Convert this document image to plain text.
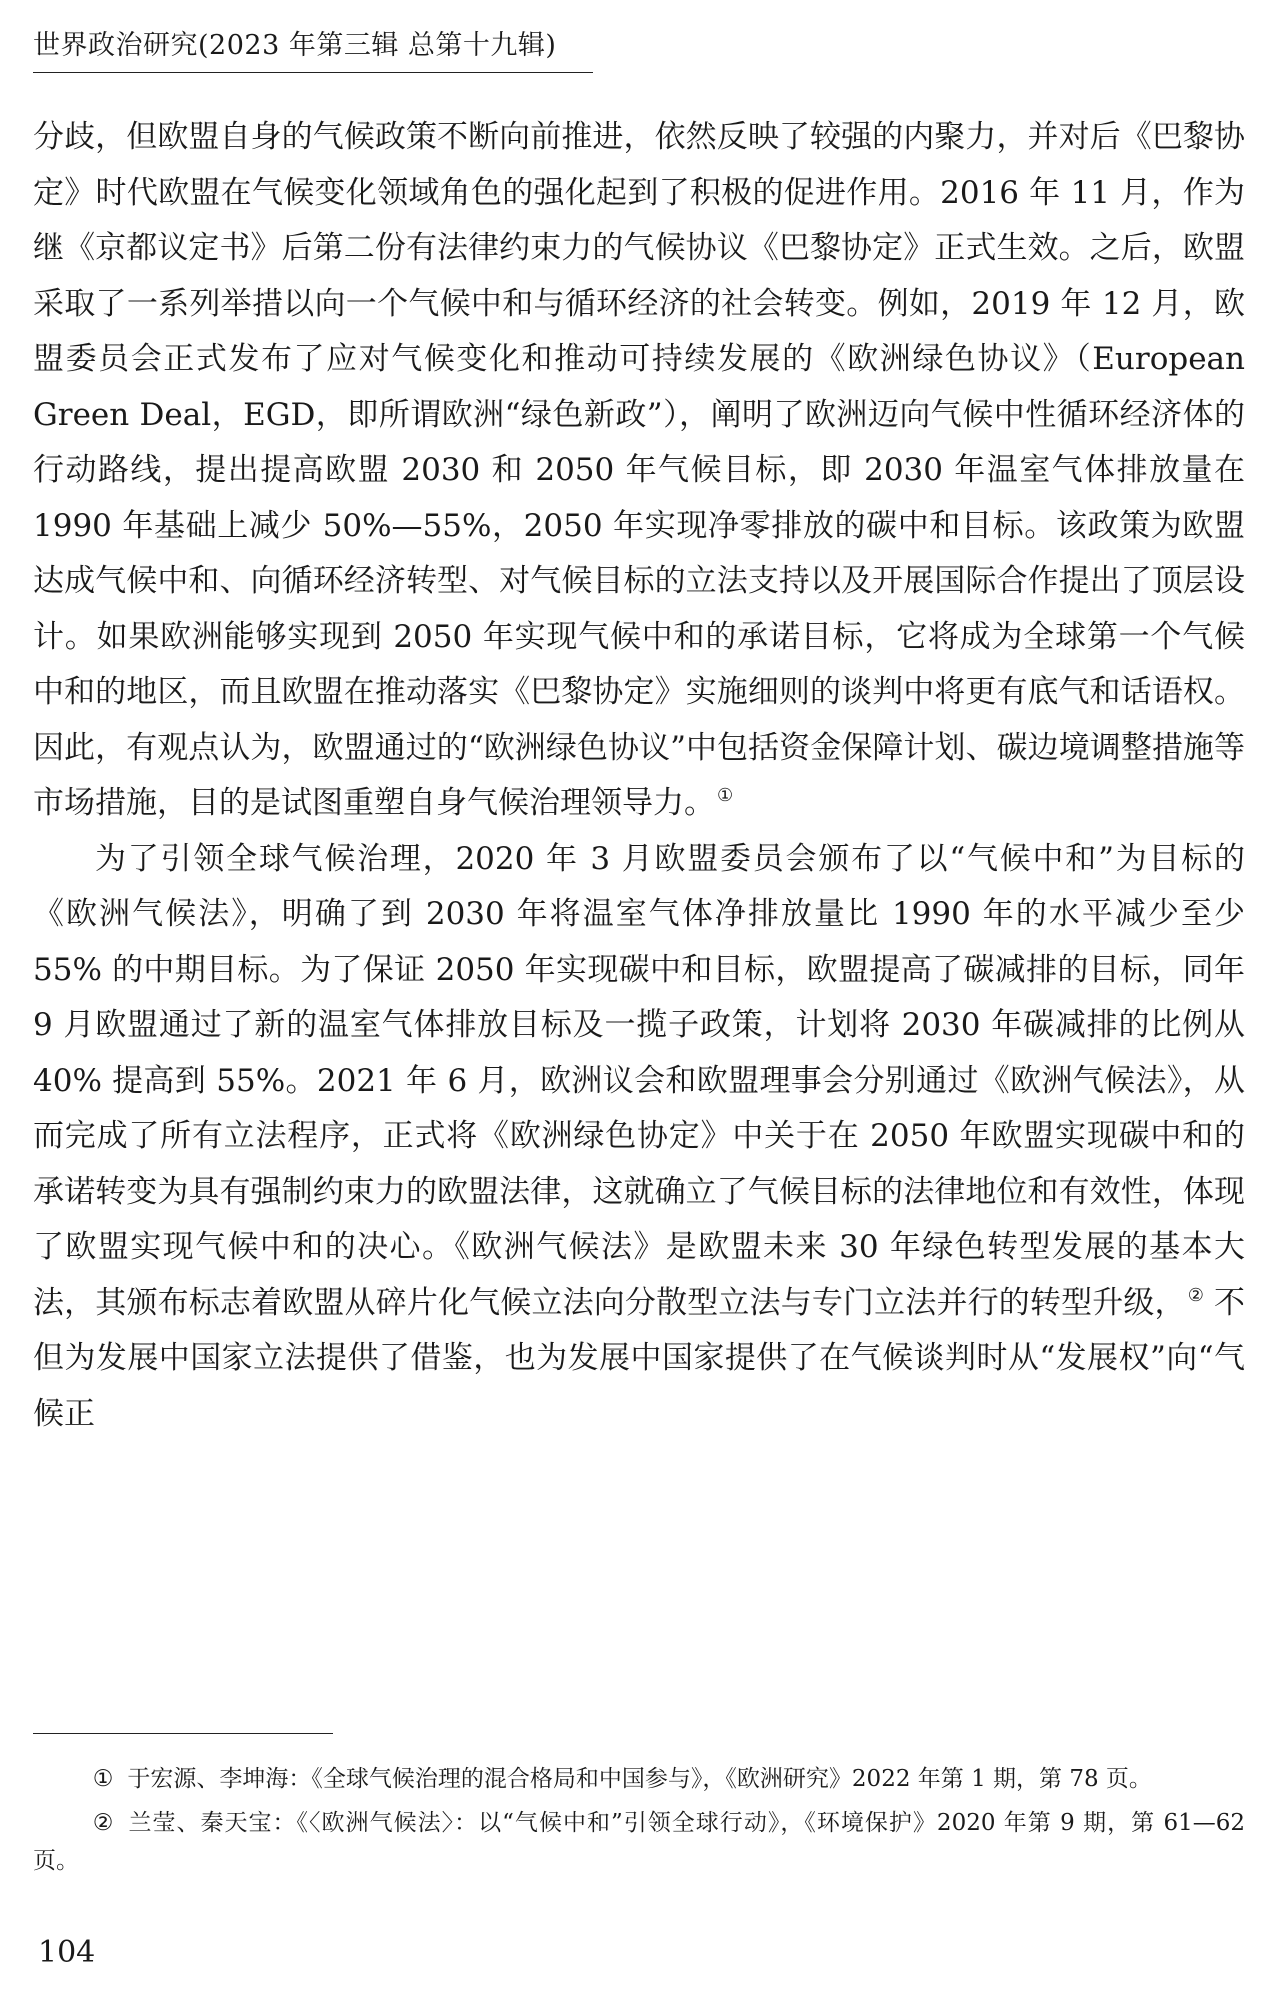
世界政治研究(2023 年第三辑 总第十九辑)

分歧，但欧盟自身的气候政策不断向前推进，依然反映了较强的内聚力，并对后《巴黎协定》时代欧盟在气候变化领域角色的强化起到了积极的促进作用。2016 年 11 月，作为继《京都议定书》后第二份有法律约束力的气候协议《巴黎协定》正式生效。之后，欧盟采取了一系列举措以向一个气候中和与循环经济的社会转变。例如，2019 年 12 月，欧盟委员会正式发布了应对气候变化和推动可持续发展的《欧洲绿色协议》（European Green Deal，EGD，即所谓欧洲“绿色新政”），阐明了欧洲迈向气候中性循环经济体的行动路线，提出提高欧盟 2030 和 2050 年气候目标，即 2030 年温室气体排放量在 1990 年基础上减少 50%—55%，2050 年实现净零排放的碳中和目标。该政策为欧盟达成气候中和、向循环经济转型、对气候目标的立法支持以及开展国际合作提出了顶层设计。如果欧洲能够实现到 2050 年实现气候中和的承诺目标，它将成为全球第一个气候中和的地区，而且欧盟在推动落实《巴黎协定》实施细则的谈判中将更有底气和话语权。因此，有观点认为，欧盟通过的“欧洲绿色协议”中包括资金保障计划、碳边境调整措施等市场措施，目的是试图重塑自身气候治理领导力。 ①

为了引领全球气候治理，2020 年 3 月欧盟委员会颁布了以“气候中和”为目标的《欧洲气候法》，明确了到 2030 年将温室气体净排放量比 1990 年的水平减少至少 55% 的中期目标。为了保证 2050 年实现碳中和目标，欧盟提高了碳减排的目标，同年 9 月欧盟通过了新的温室气体排放目标及一揽子政策，计划将 2030 年碳减排的比例从 40% 提高到 55%。2021 年 6 月，欧洲议会和欧盟理事会分别通过《欧洲气候法》，从而完成了所有立法程序，正式将《欧洲绿色协定》中关于在 2050 年欧盟实现碳中和的承诺转变为具有强制约束力的欧盟法律，这就确立了气候目标的法律地位和有效性，体现了欧盟实现气候中和的决心。《欧洲气候法》是欧盟未来 30 年绿色转型发展的基本大法，其颁布标志着欧盟从碎片化气候立法向分散型立法与专门立法并行的转型升级， ② 不但为发展中国家立法提供了借鉴，也为发展中国家提供了在气候谈判时从“发展权”向“气候正

① 于宏源、李坤海：《全球气候治理的混合格局和中国参与》，《欧洲研究》2022 年第 1 期，第 78 页。

② 兰莹、秦天宝：《〈欧洲气候法〉：以“气候中和”引领全球行动》，《环境保护》2020 年第 9 期，第 61—62 页。

104
